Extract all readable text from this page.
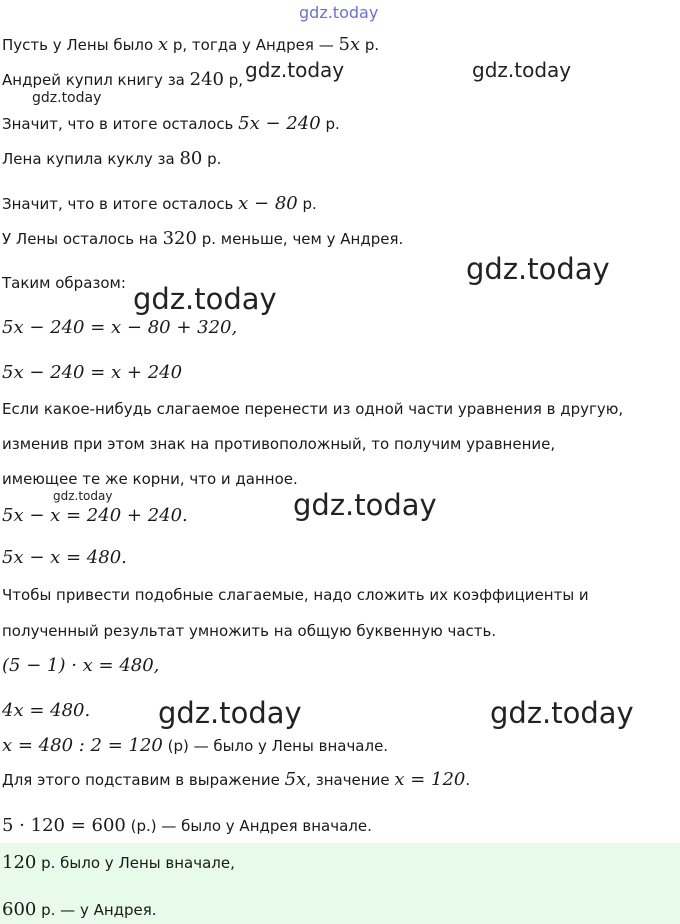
gdz.today
gdz.today	gdz.today
gdz.today
gdz.today
gdz.today
gdz.today	gdz.today
gdz.today	gdz.today
Пусть у Лены было x р, тогда у Андрея — 5x р.
Андрей купил книгу за 240 р,
Значит, что в итоге осталось 5x − 240 р.
Лена купила куклу за 80 р.
Значит, что в итоге осталось x − 80 р.
У Лены осталось на 320 р. меньше, чем у Андрея.
Таким образом:
5x − 240 = x − 80 + 320,
5x − 240 = x + 240
Если какое-нибудь слагаемое перенести из одной части уравнения в другую,
изменив при этом знак на противоположный, то получим уравнение,
имеющее те же корни, что и данное.
5x − x = 240 + 240.
5x − x = 480.
Чтобы привести подобные слагаемые, надо сложить их коэффициенты и
полученный результат умножить на общую буквенную часть.
(5 − 1) · x = 480,
4x = 480.
x = 480 : 2 = 120 (р) — было у Лены вначале.
Для этого подставим в выражение 5x, значение x = 120.
5 · 120 = 600 (р.) — было у Андрея вначале.
120 р. было у Лены вначале,
600 р. — у Андрея.
